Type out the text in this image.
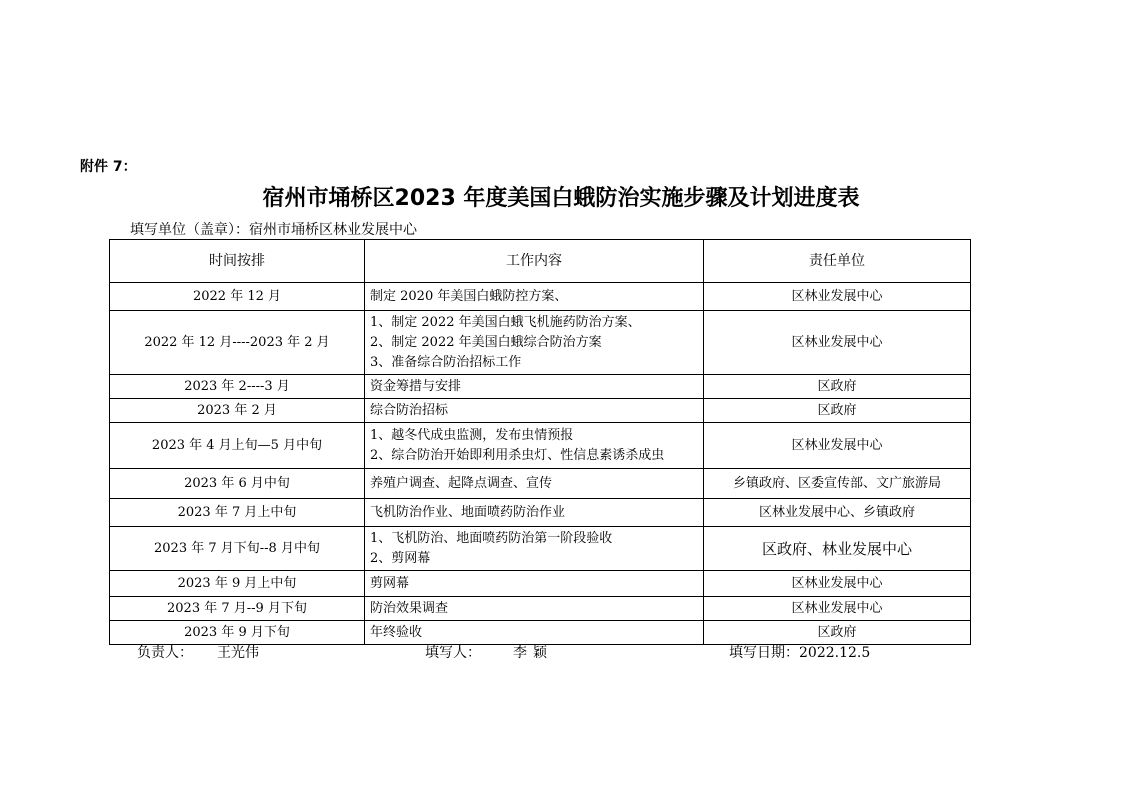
附件 7：
宿州市埇桥区2023 年度美国白蛾防治实施步骤及计划进度表
填写单位（盖章）：宿州市埇桥区林业发展中心
时间按排	工作内容	责任单位
2022 年 12 月	制定 2020 年美国白蛾防控方案、	区林业发展中心
2022 年 12 月----2023 年 2 月	1、制定 2022 年美国白蛾飞机施药防治方案、
2、制定 2022 年美国白蛾综合防治方案
3、准备综合防治招标工作	区林业发展中心
2023 年 2----3 月	资金筹措与安排	区政府
2023 年 2 月	综合防治招标	区政府
2023 年 4 月上旬—5 月中旬	1、越冬代成虫监测，发布虫情预报
2、综合防治开始即利用杀虫灯、性信息素诱杀成虫	区林业发展中心
2023 年 6 月中旬	养殖户调查、起降点调查、宣传	乡镇政府、区委宣传部、文广旅游局
2023 年 7 月上中旬	飞机防治作业、地面喷药防治作业	区林业发展中心、乡镇政府
2023 年 7 月下旬--8 月中旬	1、飞机防治、地面喷药防治第一阶段验收
2、剪网幕	区政府、林业发展中心
2023 年 9 月上中旬	剪网幕	区林业发展中心
2023 年 7 月--9 月下旬	防治效果调查	区林业发展中心
2023 年 9 月下旬	年终验收	区政府
负责人： 王光伟	填写人： 李颖	填写日期：2022.12.5
